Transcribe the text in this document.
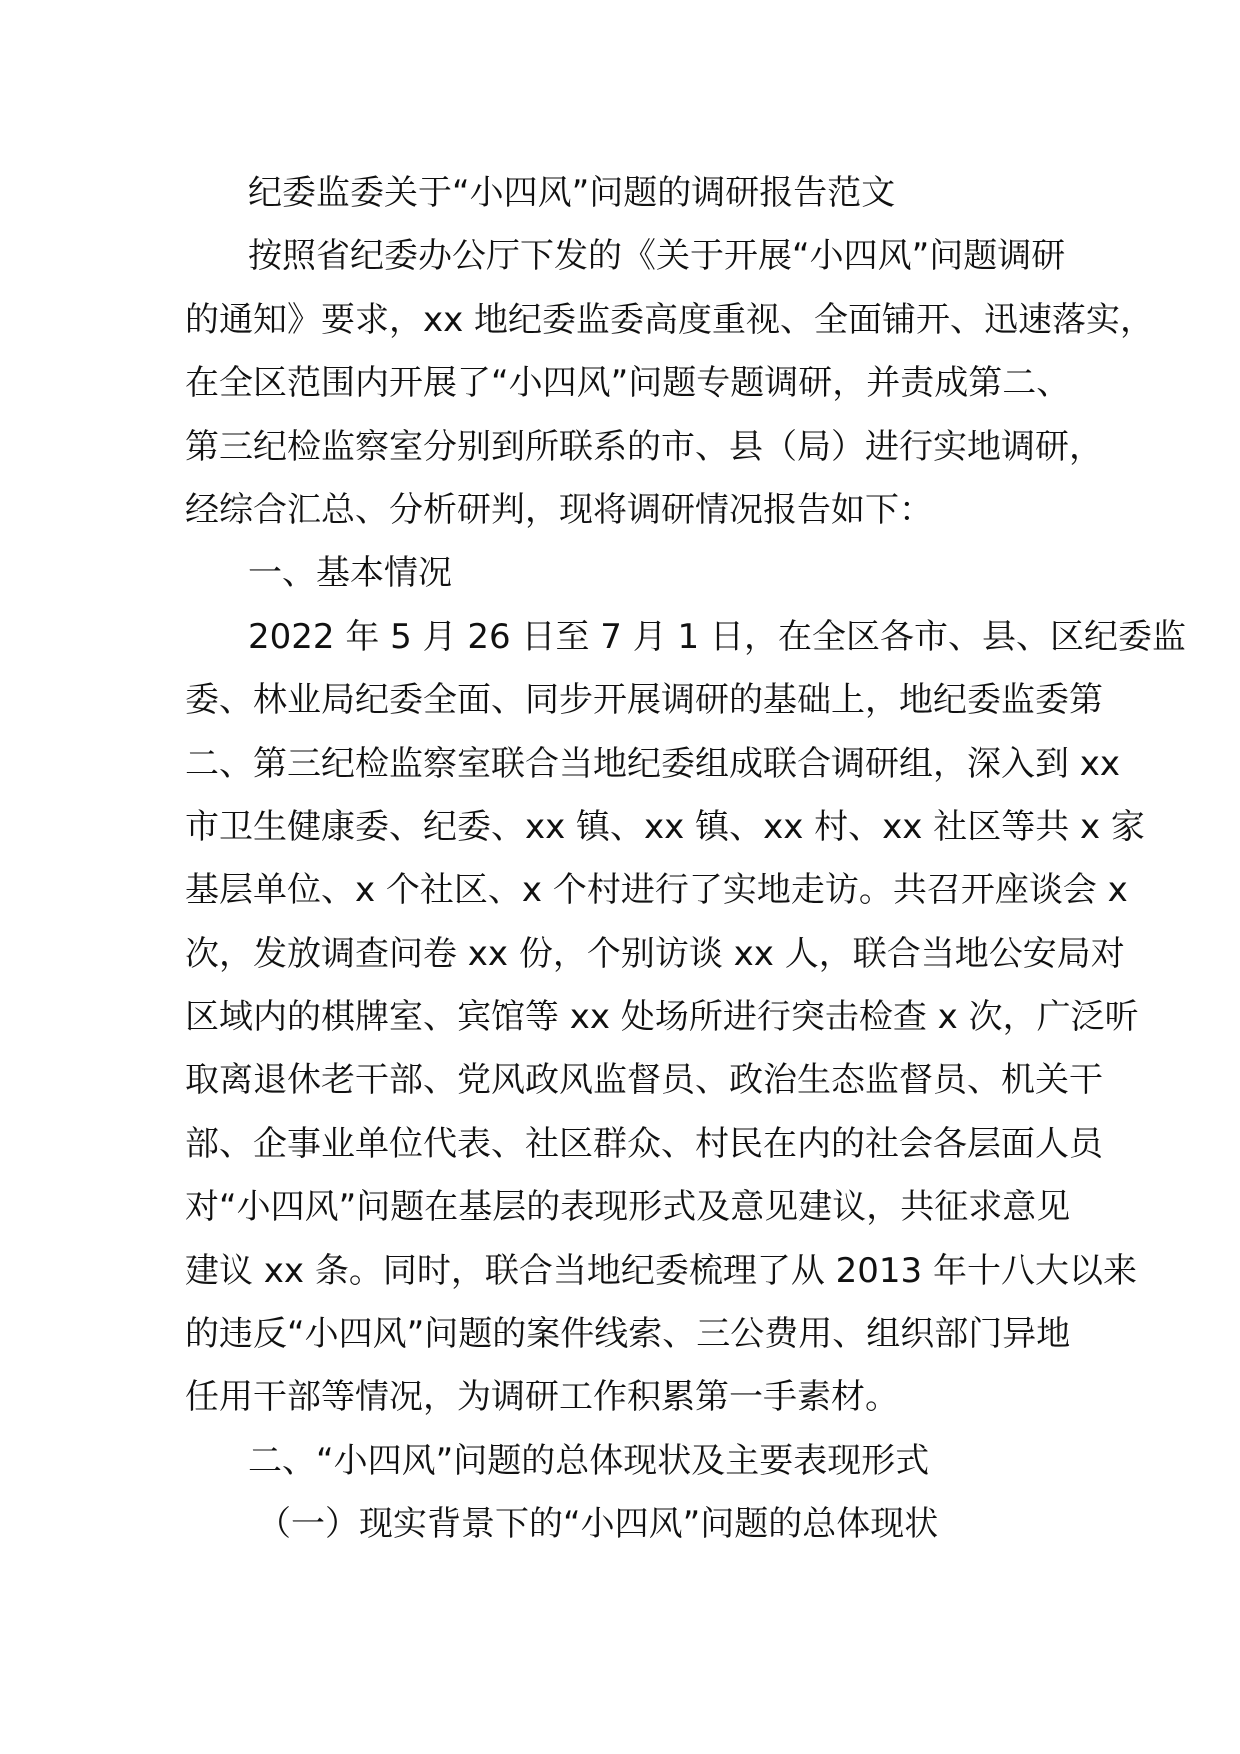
纪委监委关于“小四风”问题的调研报告范文
按照省纪委办公厅下发的《关于开展“小四风”问题调研
的通知》要求，xx 地纪委监委高度重视、全面铺开、迅速落实，
在全区范围内开展了“小四风”问题专题调研，并责成第二、
第三纪检监察室分别到所联系的市、县（局）进行实地调研，
经综合汇总、分析研判，现将调研情况报告如下：
一、基本情况
2022 年 5 月 26 日至 7 月 1 日，在全区各市、县、区纪委监
委、林业局纪委全面、同步开展调研的基础上，地纪委监委第
二、第三纪检监察室联合当地纪委组成联合调研组，深入到 xx
市卫生健康委、纪委、xx 镇、xx 镇、xx 村、xx 社区等共 x 家
基层单位、x 个社区、x 个村进行了实地走访。共召开座谈会 x
次，发放调查问卷 xx 份，个别访谈 xx 人，联合当地公安局对
区域内的棋牌室、宾馆等 xx 处场所进行突击检查 x 次，广泛听
取离退休老干部、党风政风监督员、政治生态监督员、机关干
部、企事业单位代表、社区群众、村民在内的社会各层面人员
对“小四风”问题在基层的表现形式及意见建议，共征求意见
建议 xx 条。同时，联合当地纪委梳理了从 2013 年十八大以来
的违反“小四风”问题的案件线索、三公费用、组织部门异地
任用干部等情况，为调研工作积累第一手素材。
二、“小四风”问题的总体现状及主要表现形式
（一）现实背景下的“小四风”问题的总体现状
